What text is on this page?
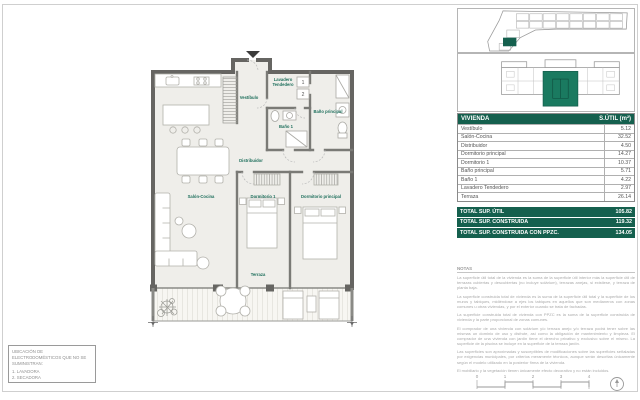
1
2
Vestíbulo
Lavadero
Tendedero
Baño 1
Baño principal
Distribuidor
Salón-Cocina	Dormitorio 1	Dormitorio principal
Terraza
VIVIENDA	S.ÚTIL (m²)
Vestíbulo	5.12
Salón-Cocina	32.52
Distribuidor	4.50
Dormitorio principal	14.27
Dormitorio 1	10.37
Baño principal	5.71
Baño 1	4.22
Lavadero Tendedero	2.97
Terraza	26.14
TOTAL SUP. ÚTIL	105.82
TOTAL SUP. CONSTRUIDA	119.32
TOTAL SUP. CONSTRUIDA CON PPZC.	134.05
NOTAS

La superficie útil total de la vivienda es la suma de la superficie útil interior más la superficie útil de terrazas cubiertas y descubiertas (no incluye solárium), terrazas anejas, si existiese, y terraza de planta baja.

La superficie construida total de vivienda es la suma de la superficie útil total y la superficie de los muros y tabiques, midiéndose a ejes los tabiques en aquellos que son medianeros con zonas comunes u otras viviendas, y por el exterior cuando se trata de fachadas.

La superficie construida total de vivienda con PPZC es la suma de la superficie construida de vivienda y la parte proporcional de zonas comunes.

El comprador de una vivienda con solárium y/o terraza anejo y/o terraza podrá tener sobre las mismas un dominio de uso y disfrute, así como la obligación de mantenimiento y limpieza. El comprador de una vivienda con jardín tiene el derecho privativo y exclusivo sobre el mismo. La superficie de la piscina se incluye en la superficie de la terraza jardín.

Las superficies son aproximadas y susceptibles de modificaciones sobre las superficies señaladas por exigencias municipales, por criterios meramente técnicos, aunque serán descritas únicamente según el modelo utilizado en la posterior firma de la vivienda.

El mobiliario y la vegetación tienen únicamente efecto decorativo y no están incluidos.

0	1	2	3	4
UBICACIÓN DE ELECTRODOMÉSTICOS QUE NO SE SUMINISTRAN:

1. LAVADORA

2. SECADORA
